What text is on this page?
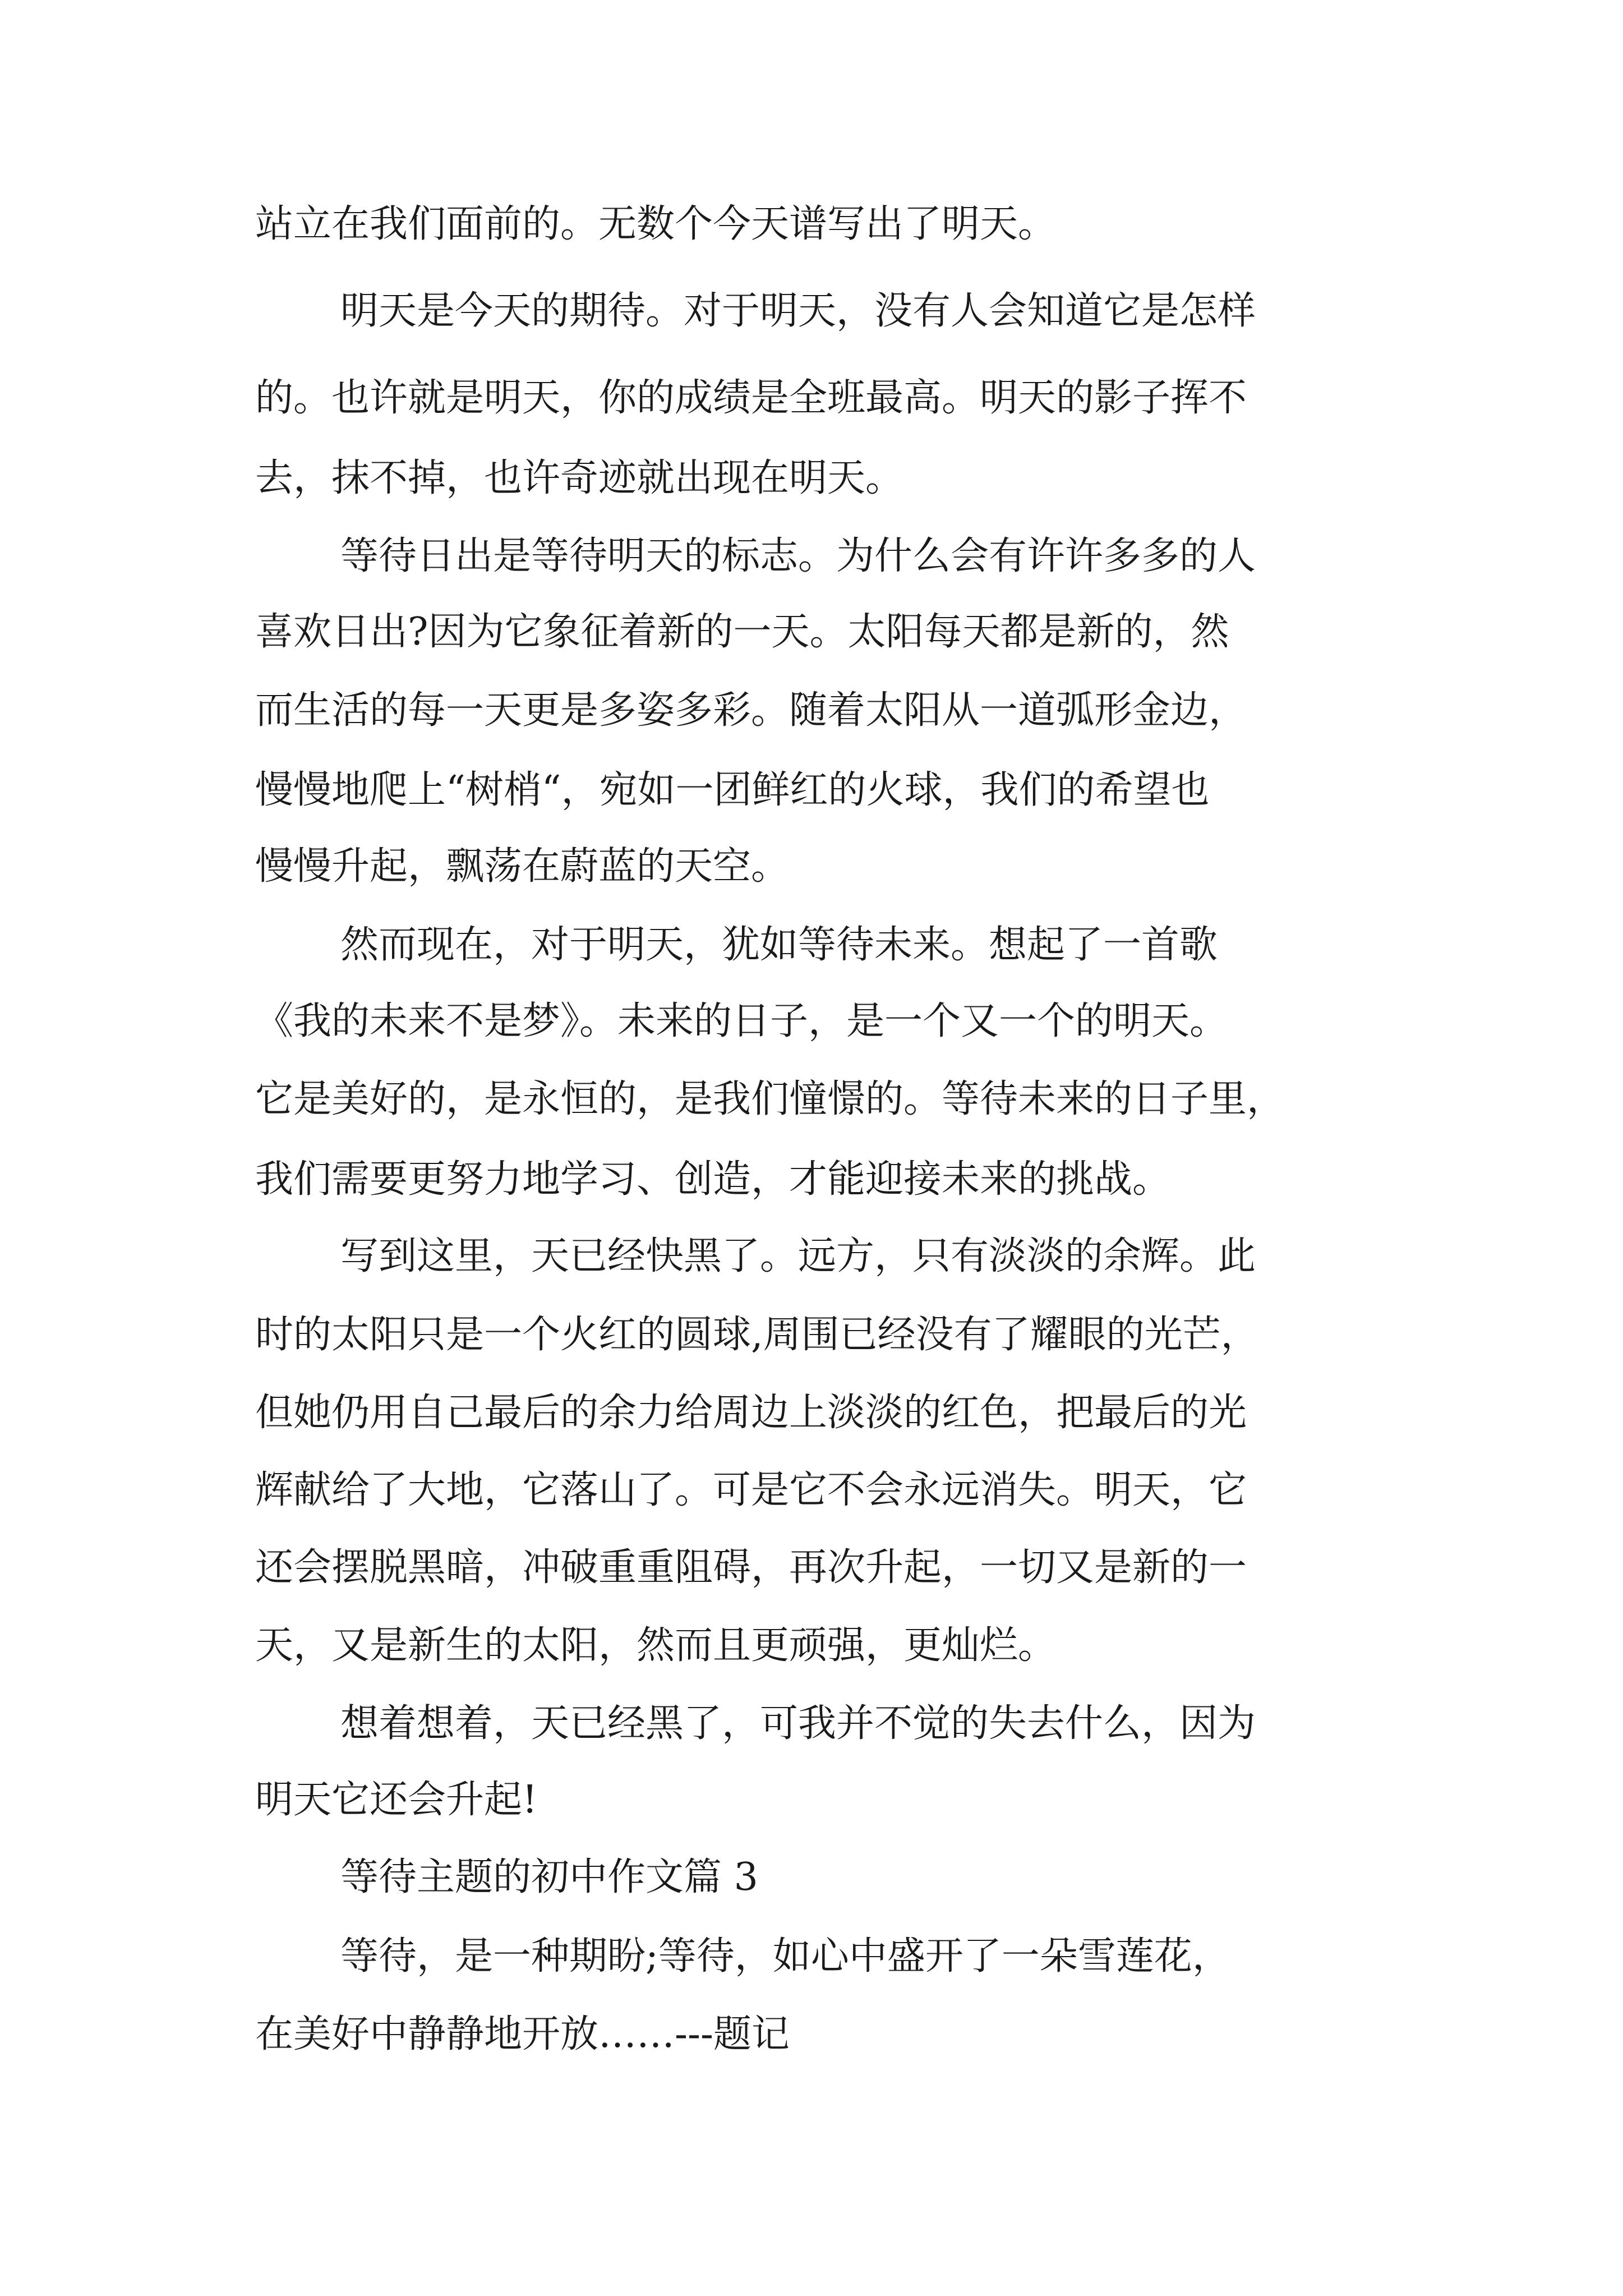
站立在我们面前的。无数个今天谱写出了明天。

明天是今天的期待。对于明天，没有人会知道它是怎样

的。也许就是明天，你的成绩是全班最高。明天的影子挥不

去，抹不掉，也许奇迹就出现在明天。

等待日出是等待明天的标志。为什么会有许许多多的人

喜欢日出?因为它象征着新的一天。太阳每天都是新的，然

而生活的每一天更是多姿多彩。随着太阳从一道弧形金边，

慢慢地爬上“树梢“，宛如一团鲜红的火球，我们的希望也

慢慢升起，飘荡在蔚蓝的天空。

然而现在，对于明天，犹如等待未来。想起了一首歌

《我的未来不是梦》。未来的日子，是一个又一个的明天。

它是美好的，是永恒的，是我们憧憬的。等待未来的日子里，

我们需要更努力地学习、创造，才能迎接未来的挑战。

写到这里，天已经快黑了。远方，只有淡淡的余辉。此

时的太阳只是一个火红的圆球,周围已经没有了耀眼的光芒，

但她仍用自己最后的余力给周边上淡淡的红色，把最后的光

辉献给了大地，它落山了。可是它不会永远消失。明天，它

还会摆脱黑暗，冲破重重阻碍，再次升起，一切又是新的一

天，又是新生的太阳，然而且更顽强，更灿烂。

想着想着，天已经黑了，可我并不觉的失去什么，因为

明天它还会升起!

等待主题的初中作文篇 3

等待，是一种期盼;等待，如心中盛开了一朵雪莲花，

在美好中静静地开放……---题记
